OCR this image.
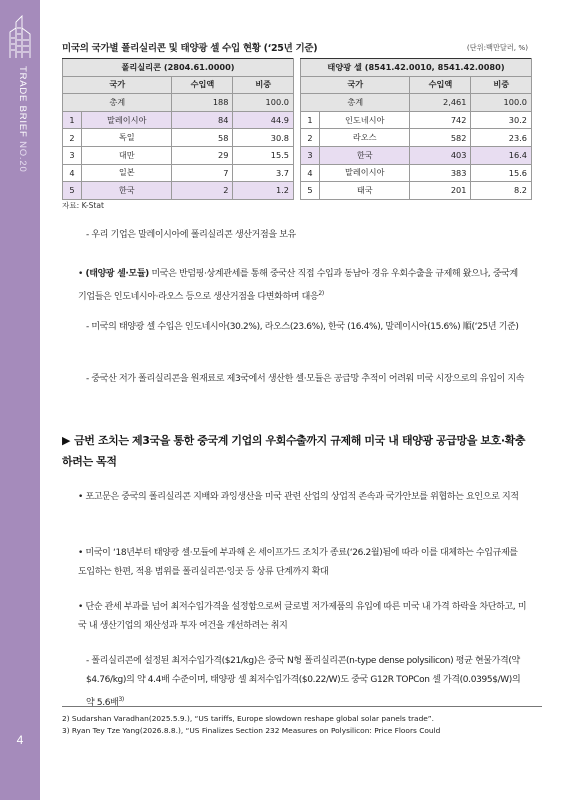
TRADE BRIEF NO.20
4
미국의 국가별 폴리실리콘 및 태양광 셀 수입 현황 (‘25년 기준)	(단위:백만달러, %)
폴리실리콘 (2804.61.0000)			
국가		수입액	비중
총계		188	100.0
1	말레이시아	84	44.9
2	독일	58	30.8
3	대만	29	15.5
4	일본	7	3.7
5	한국	2	1.2
태양광 셀 (8541.42.0010, 8541.42.0080)			
국가		수입액	비중
총계		2,461	100.0
1	인도네시아	742	30.2
2	라오스	582	23.6
3	한국	403	16.4
4	말레이시아	383	15.6
5	태국	201	8.2
자료: K-Stat
- 우리 기업은 말레이시아에 폴리실리콘 생산거점을 보유
• (태양광 셀·모듈) 미국은 반덤핑·상계관세를 통해 중국산 직접 수입과 동남아 경유 우회수출을 규제해 왔으나, 중국계 기업들은 인도네시아·라오스 등으로 생산거점을 다변화하며 대응$^{2)}$
- 미국의 태양광 셀 수입은 인도네시아(30.2%), 라오스(23.6%), 한국 (16.4%), 말레이시아(15.6%) 順(‘25년 기준)
- 중국산 저가 폴리실리콘을 원재료로 제3국에서 생산한 셀·모듈은 공급망 추적이 어려워 미국 시장으로의 유입이 지속
▶ 금번 조치는 제3국을 통한 중국계 기업의 우회수출까지 규제해 미국 내 태양광 공급망을 보호·확충하려는 목적
• 포고문은 중국의 폴리실리콘 지배와 과잉생산을 미국 관련 산업의 상업적 존속과 국가안보를 위협하는 요인으로 지적
• 미국이 ‘18년부터 태양광 셀·모듈에 부과해 온 세이프가드 조치가 종료(‘26.2월)됨에 따라 이를 대체하는 수입규제를 도입하는 한편, 적용 범위를 폴리실리콘·잉곳 등 상류 단계까지 확대
• 단순 관세 부과를 넘어 최저수입가격을 설정함으로써 글로벌 저가제품의 유입에 따른 미국 내 가격 하락을 차단하고, 미국 내 생산기업의 채산성과 투자 여건을 개선하려는 취지
- 폴리실리콘에 설정된 최저수입가격($21/kg)은 중국 N형 폴리실리콘(n-type dense polysilicon) 평균 현물가격(약 $4.76/kg)의 약 4.4배 수준이며, 태양광 셀 최저수입가격($0.22/W)도 중국 G12R TOPCon 셀 가격(0.0395$/W)의 약 5.6배$^{3)}$
2) Sudarshan Varadhan(2025.5.9.), “US tariffs, Europe slowdown reshape global solar panels trade”.
3) Ryan Tey Tze Yang(2026.8.8.), “US Finalizes Section 232 Measures on Polysilicon: Price Floors Could
